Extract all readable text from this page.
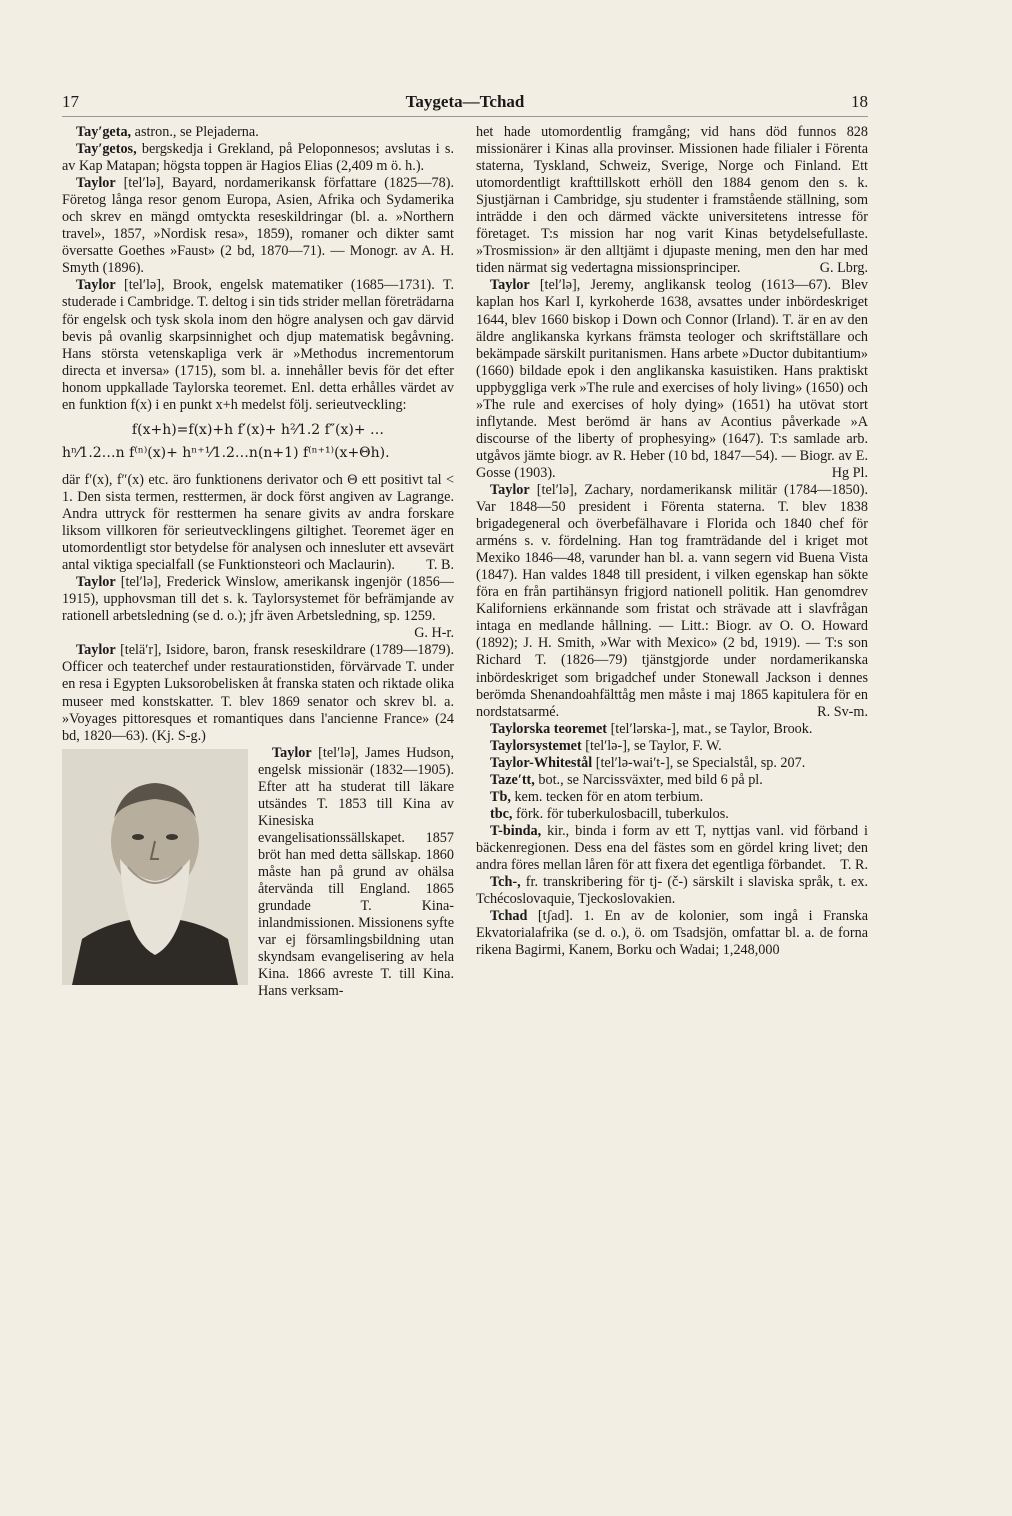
17	Taygeta—Tchad	18

Tay′geta, astron., se Plejaderna.

Tay′getos, bergskedja i Grekland, på Peloponnesos; avslutas i s. av Kap Matapan; högsta toppen är Hagios Elias (2,409 m ö. h.).

Taylor [tel′lə], Bayard, nordamerikansk författare (1825—78). Företog långa resor genom Europa, Asien, Afrika och Sydamerika och skrev en mängd omtyckta reseskildringar (bl. a. »Northern travel», 1857, »Nordisk resa», 1859), romaner och dikter samt översatte Goethes »Faust» (2 bd, 1870—71). — Monogr. av A. H. Smyth (1896).

Taylor [tel′lə], Brook, engelsk matematiker (1685—1731). T. studerade i Cambridge. T. deltog i sin tids strider mellan företrädarna för engelsk och tysk skola inom den högre analysen och gav därvid bevis på ovanlig skarpsinnighet och djup matematisk begåvning. Hans största vetenskapliga verk är »Methodus incrementorum directa et inversa» (1715), som bl. a. innehåller bevis för det efter honom uppkallade Taylorska teoremet. Enl. detta erhålles värdet av en funktion f(x) i en punkt x+h medelst följ. serieutveckling:

f(x+h)=f(x)+h f′(x)+ h²⁄1.2 f″(x)+ …
hⁿ⁄1.2…n f⁽ⁿ⁾(x)+ hⁿ⁺¹⁄1.2…n(n+1) f⁽ⁿ⁺¹⁾(x+Θh).

där f′(x), f″(x) etc. äro funktionens derivator och Θ ett positivt tal < 1. Den sista termen, resttermen, är dock först angiven av Lagrange. Andra uttryck för resttermen ha senare givits av andra forskare liksom villkoren för serieutvecklingens giltighet. Teoremet äger en utomordentligt stor betydelse för analysen och innesluter ett avsevärt antal viktiga specialfall (se Funktionsteori och Maclaurin). T. B.

Taylor [tel′lə], Frederick Winslow, amerikansk ingenjör (1856—1915), upphovsman till det s. k. Taylorsystemet för befrämjande av rationell arbetsledning (se d. o.); jfr även Arbetsledning, sp. 1259.
G. H-r.

Taylor [telä′r], Isidore, baron, fransk reseskildrare (1789—1879). Officer och teaterchef under restaurationstiden, förvärvade T. under en resa i Egypten Luksorobelisken åt franska staten och riktade olika museer med konstskatter. T. blev 1869 senator och skrev bl. a. »Voyages pittoresques et romantiques dans l'ancienne France» (24 bd, 1820—63). (Kj. S-g.)

Taylor [tel′lə], James Hudson, engelsk missionär (1832—1905). Efter att ha studerat till läkare utsändes T. 1853 till Kina av Kinesiska evangelisationssällskapet. 1857 bröt han med detta sällskap. 1860 måste han på grund av ohälsa återvända till England. 1865 grundade T. Kina-inlandmissionen. Missionens syfte var ej församlingsbildning utan skyndsam evangelisering av hela Kina. 1866 avreste T. till Kina. Hans verksam-

het hade utomordentlig framgång; vid hans död funnos 828 missionärer i Kinas alla provinser. Missionen hade filialer i Förenta staterna, Tyskland, Schweiz, Sverige, Norge och Finland. Ett utomordentligt krafttillskott erhöll den 1884 genom den s. k. Sjustjärnan i Cambridge, sju studenter i framstående ställning, som inträdde i den och därmed väckte universitetens intresse för företaget. T:s mission har nog varit Kinas betydelsefullaste. »Trosmission» är den alltjämt i djupaste mening, men den har med tiden närmat sig vedertagna missionsprinciper.	G. Lbrg.

Taylor [tel′lə], Jeremy, anglikansk teolog (1613—67). Blev kaplan hos Karl I, kyrkoherde 1638, avsattes under inbördeskriget 1644, blev 1660 biskop i Down och Connor (Irland). T. är en av den äldre anglikanska kyrkans främsta teologer och skriftställare och bekämpade särskilt puritanismen. Hans arbete »Ductor dubitantium» (1660) bildade epok i den anglikanska kasuistiken. Hans praktiskt uppbyggliga verk »The rule and exercises of holy living» (1650) och »The rule and exercises of holy dying» (1651) ha utövat stort inflytande. Mest berömd är hans av Acontius påverkade »A discourse of the liberty of prophesying» (1647). T:s samlade arb. utgåvos jämte biogr. av R. Heber (10 bd, 1847—54). — Biogr. av E. Gosse (1903).	Hg Pl.

Taylor [tel′lə], Zachary, nordamerikansk militär (1784—1850). Var 1848—50 president i Förenta staterna. T. blev 1838 brigadegeneral och överbefälhavare i Florida och 1840 chef för arméns s. v. fördelning. Han tog framträdande del i kriget mot Mexiko 1846—48, varunder han bl. a. vann segern vid Buena Vista (1847). Han valdes 1848 till president, i vilken egenskap han sökte föra en från partihänsyn frigjord nationell politik. Han genomdrev Kaliforniens erkännande som fristat och strävade att i slavfrågan intaga en medlande hållning. — Litt.: Biogr. av O. O. Howard (1892); J. H. Smith, »War with Mexico» (2 bd, 1919). — T:s son Richard T. (1826—79) tjänstgjorde under nordamerikanska inbördeskriget som brigadchef under Stonewall Jackson i dennes berömda Shenandoahfälttåg men måste i maj 1865 kapitulera för en nordstatsarmé.	R. Sv-m.

Taylorska teoremet [tel′lərska-], mat., se Taylor, Brook.

Taylorsystemet [tel′lə-], se Taylor, F. W.

Taylor-Whitestål [tel′lə-wai′t-], se Specialstål, sp. 207.

Taze′tt, bot., se Narcissväxter, med bild 6 på pl.

Tb, kem. tecken för en atom terbium.

tbc, förk. för tuberkulosbacill, tuberkulos.

T-binda, kir., binda i form av ett T, nyttjas vanl. vid förband i bäckenregionen. Dess ena del fästes som en gördel kring livet; den andra föres mellan låren för att fixera det egentliga förbandet.	T. R.

Tch-, fr. transkribering för tj- (č-) särskilt i slaviska språk, t. ex. Tchécoslovaquie, Tjeckoslovakien.

Tchad [tʃad]. 1. En av de kolonier, som ingå i Franska Ekvatorialafrika (se d. o.), ö. om Tsadsjön, omfattar bl. a. de forna rikena Bagirmi, Kanem, Borku och Wadai; 1,248,000
